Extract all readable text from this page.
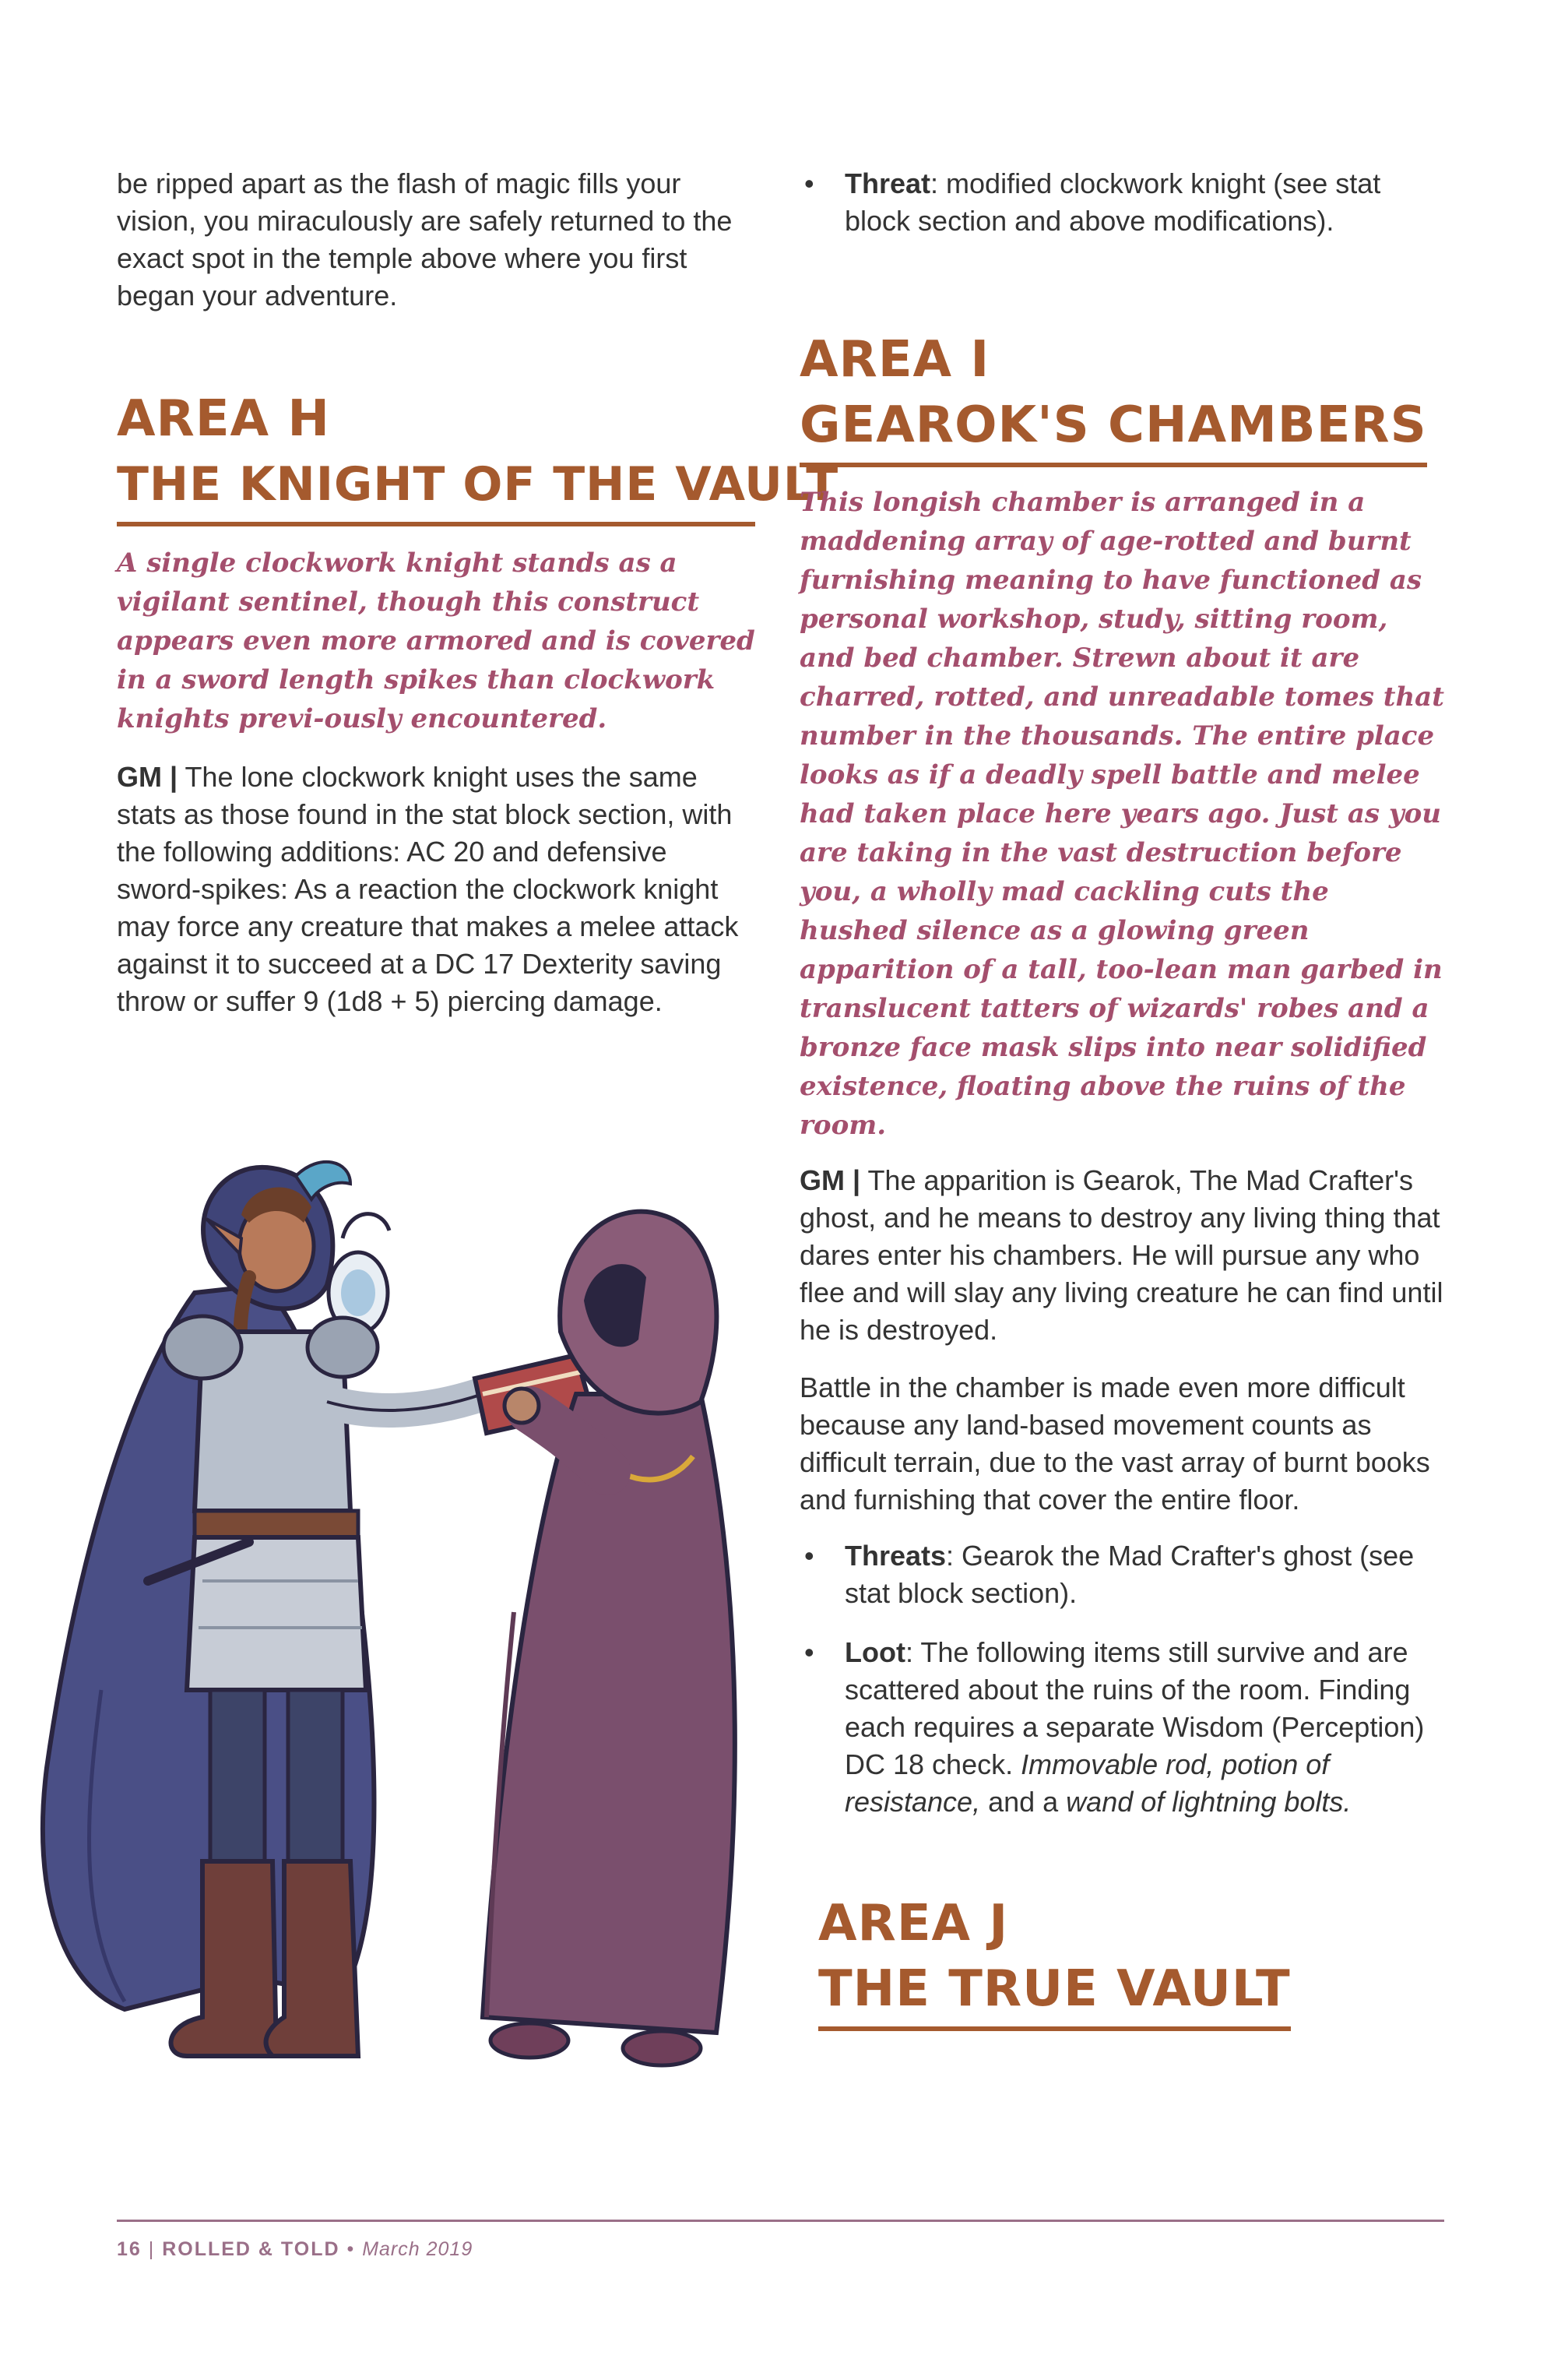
be ripped apart as the flash of magic fills your vision, you miraculously are safely returned to the exact spot in the temple above where you first began your adventure.

AREA H
THE KNIGHT OF THE VAULT

A single clockwork knight stands as a vigilant sentinel, though this construct appears even more armored and is covered in a sword length spikes than clockwork knights previ-ously encountered.

GM | The lone clockwork knight uses the same stats as those found in the stat block section, with the following additions: AC 20 and defensive sword-spikes: As a reaction the clockwork knight may force any creature that makes a melee attack against it to succeed at a DC 17 Dexterity saving throw or suffer 9 (1d8 + 5) piercing damage.

• Threat: modified clockwork knight (see stat block section and above modifications).
AREA I
GEAROK'S CHAMBERS

This longish chamber is arranged in a maddening array of age-rotted and burnt furnishing meaning to have functioned as personal workshop, study, sitting room, and bed chamber. Strewn about it are charred, rotted, and unreadable tomes that number in the thousands. The entire place looks as if a deadly spell battle and melee had taken place here years ago. Just as you are taking in the vast destruction before you, a wholly mad cackling cuts the hushed silence as a glowing green apparition of a tall, too-lean man garbed in translucent tatters of wizards' robes and a bronze face mask slips into near solidified existence, floating above the ruins of the room.

GM | The apparition is Gearok, The Mad Crafter's ghost, and he means to destroy any living thing that dares enter his chambers. He will pursue any who flee and will slay any living creature he can find until he is destroyed.

Battle in the chamber is made even more difficult because any land-based movement counts as difficult terrain, due to the vast array of burnt books and furnishing that cover the entire floor.

• Threats: Gearok the Mad Crafter's ghost (see stat block section).
• Loot: The following items still survive and are scattered about the ruins of the room. Finding each requires a separate Wisdom (Perception) DC 18 check. Immovable rod, potion of resistance, and a wand of lightning bolts.
AREA J
THE TRUE VAULT
16 | ROLLED & TOLD • March 2019
